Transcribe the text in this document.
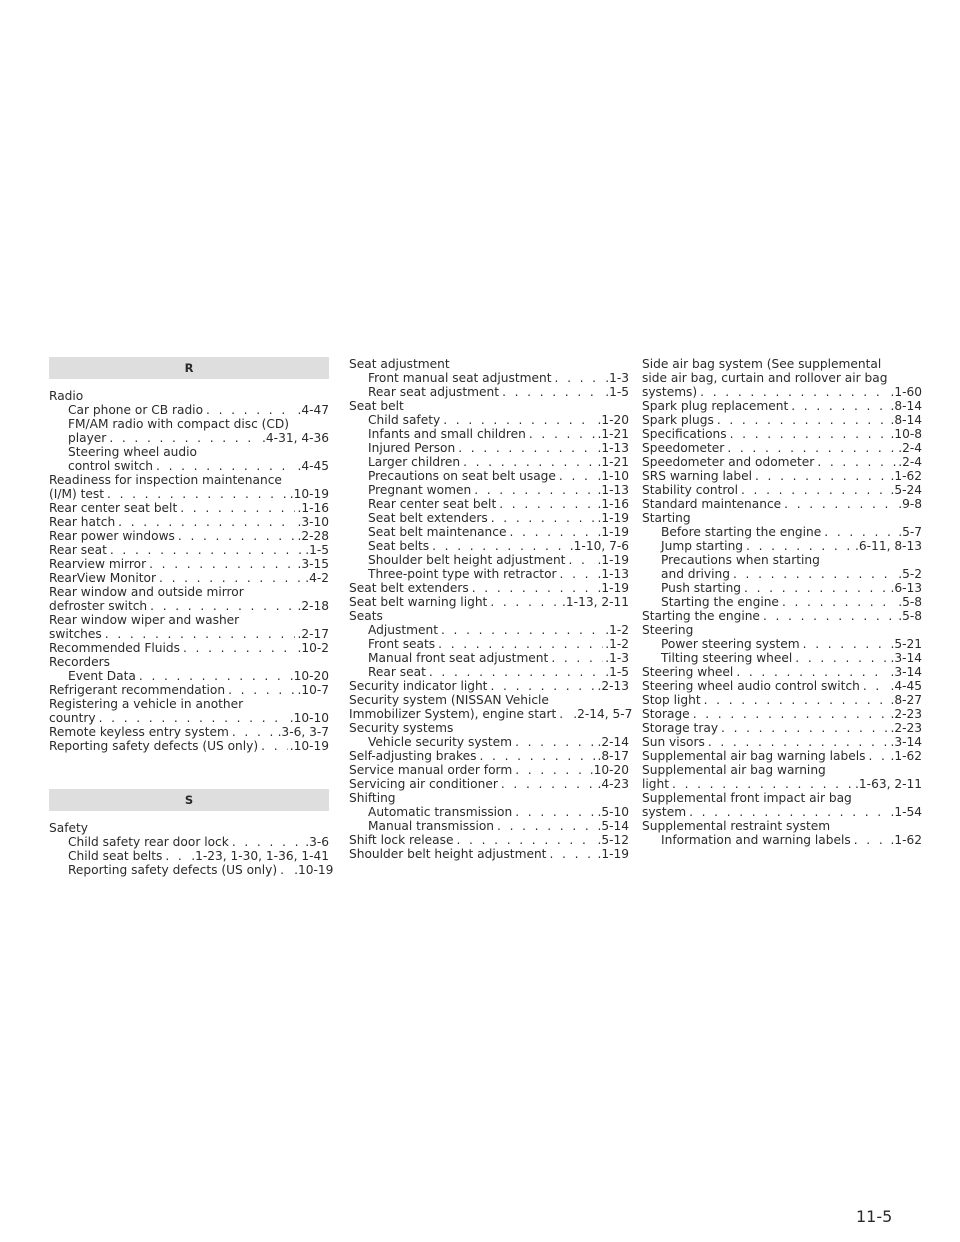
R
Radio
Car phone or CB radio . . .	.4-47
FM/AM radio with compact disc (CD)
player . . .	.4-31, 4-36
Steering wheel audio
control switch . . .	.4-45
Readiness for inspection maintenance
(I/M) test . . .	.10-19
Rear center seat belt . . .	.1-16
Rear hatch . . .	.3-10
Rear power windows . . .	.2-28
Rear seat . . .	.1-5
Rearview mirror . . .	.3-15
RearView Monitor . . .	.4-2
Rear window and outside mirror
defroster switch . . .	.2-18
Rear window wiper and washer
switches . . .	.2-17
Recommended Fluids . . .	.10-2
Recorders
Event Data . . .	.10-20
Refrigerant recommendation . . .	.10-7
Registering a vehicle in another
country . . .	.10-10
Remote keyless entry system . . .	.3-6, 3-7
Reporting safety defects (US only) . . .	.10-19
S
Safety
Child safety rear door lock . . .	.3-6
Child seat belts . . . .1-23, 1-30, 1-36, 1-41
Reporting safety defects (US only) . . . .10-19
Seat adjustment
Front manual seat adjustment . . .	.1-3
Rear seat adjustment . . .	.1-5
Seat belt
Child safety . . .	.1-20
Infants and small children . . .	.1-21
Injured Person . . .	.1-13
Larger children . . .	.1-21
Precautions on seat belt usage . . .	.1-10
Pregnant women . . .	.1-13
Rear center seat belt . . .	.1-16
Seat belt extenders . . .	.1-19
Seat belt maintenance . . .	.1-19
Seat belts . . .	.1-10, 7-6
Shoulder belt height adjustment . . .	.1-19
Three-point type with retractor . . .	.1-13
Seat belt extenders . . .	.1-19
Seat belt warning light . . .	.1-13, 2-11
Seats
Adjustment . . .	.1-2
Front seats . . .	.1-2
Manual front seat adjustment . . .	.1-3
Rear seat . . .	.1-5
Security indicator light . . .	.2-13
Security system (NISSAN Vehicle
Immobilizer System), engine start . . . .2-14, 5-7
Security systems
Vehicle security system . . .	.2-14
Self-adjusting brakes . . .	.8-17
Service manual order form . . .	.10-20
Servicing air conditioner . . .	.4-23
Shifting
Automatic transmission . . .	.5-10
Manual transmission . . .	.5-14
Shift lock release . . .	.5-12
Shoulder belt height adjustment . . .	.1-19
Side air bag system (See supplemental
side air bag, curtain and rollover air bag
systems) . . .	.1-60
Spark plug replacement . . .	.8-14
Spark plugs . . .	.8-14
Specifications . . .	.10-8
Speedometer . . .	.2-4
Speedometer and odometer . . .	.2-4
SRS warning label . . .	.1-62
Stability control . . .	.5-24
Standard maintenance . . .	.9-8
Starting
Before starting the engine . . .	.5-7
Jump starting . . .	.6-11, 8-13
Precautions when starting
and driving . . .	.5-2
Push starting . . .	.6-13
Starting the engine . . .	.5-8
Starting the engine . . .	.5-8
Steering
Power steering system . . .	.5-21
Tilting steering wheel . . .	.3-14
Steering wheel . . .	.3-14
Steering wheel audio control switch . . .	.4-45
Stop light . . .	.8-27
Storage . . .	.2-23
Storage tray . . .	.2-23
Sun visors . . .	.3-14
Supplemental air bag warning labels . . . .1-62
Supplemental air bag warning
light . . .	.1-63, 2-11
Supplemental front impact air bag
system . . .	.1-54
Supplemental restraint system
Information and warning labels . . .	.1-62
11-5
